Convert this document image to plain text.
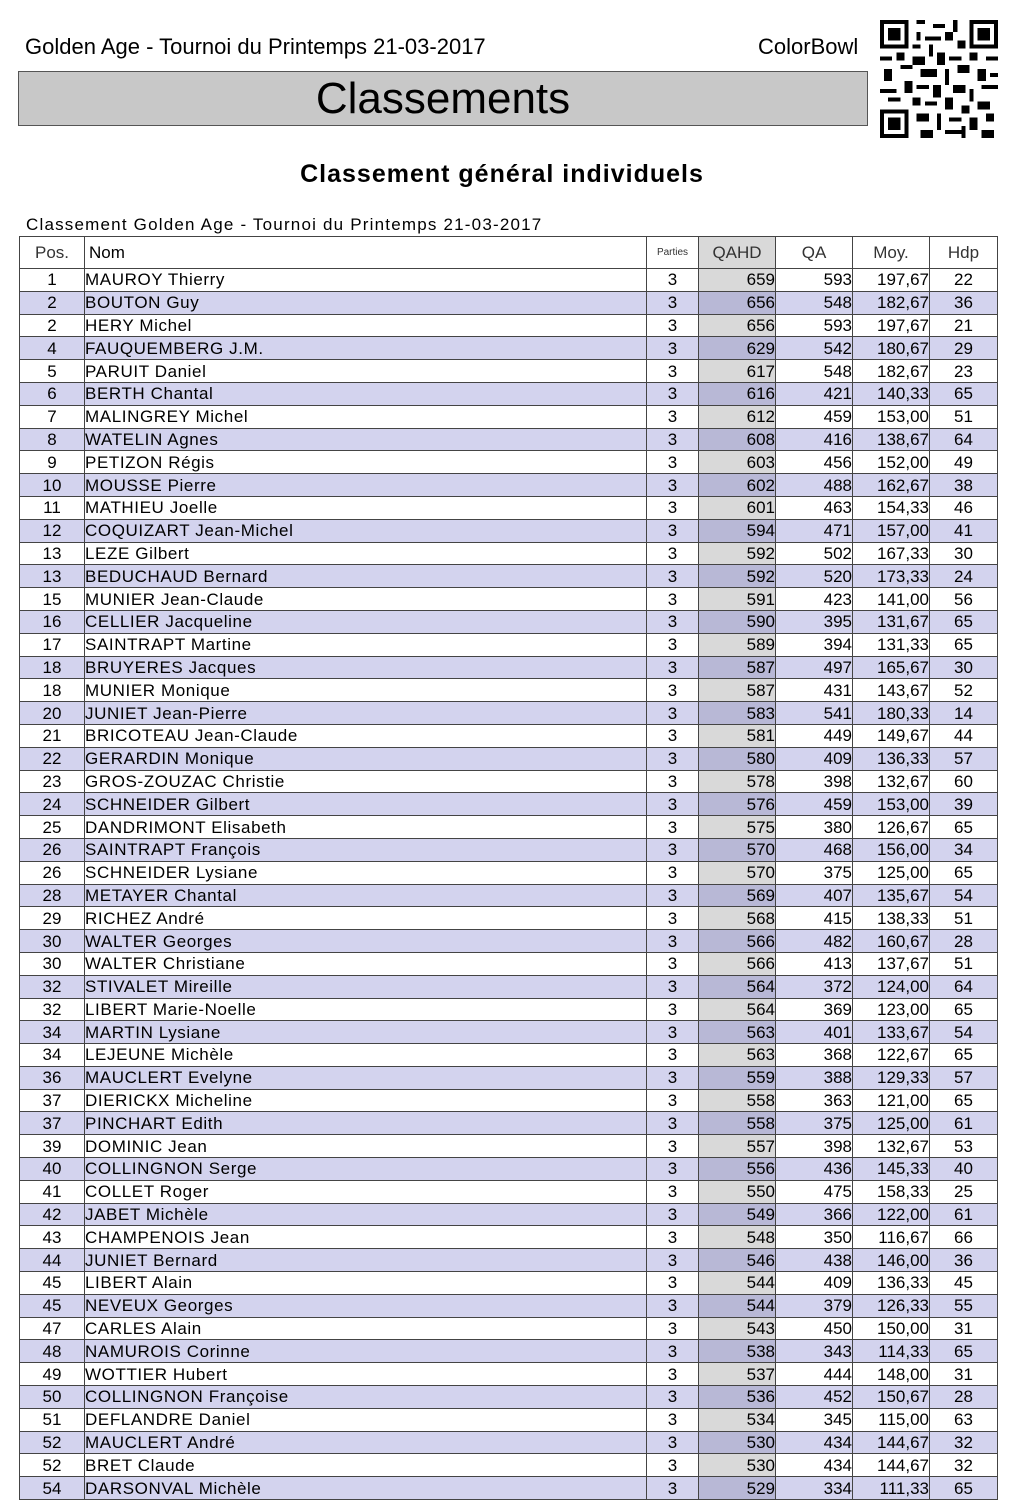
Golden Age - Tournoi du Printemps 21-03-2017	ColorBowl
Classements
Classement général individuels
Classement Golden Age - Tournoi du Printemps 21-03-2017
Pos.	Nom	Parties	QAHD	QA	Moy.	Hdp
1	MAUROY Thierry	3	659	593	197,67	22
2	BOUTON Guy	3	656	548	182,67	36
2	HERY Michel	3	656	593	197,67	21
4	FAUQUEMBERG J.M.	3	629	542	180,67	29
5	PARUIT Daniel	3	617	548	182,67	23
6	BERTH Chantal	3	616	421	140,33	65
7	MALINGREY Michel	3	612	459	153,00	51
8	WATELIN Agnes	3	608	416	138,67	64
9	PETIZON Régis	3	603	456	152,00	49
10	MOUSSE Pierre	3	602	488	162,67	38
11	MATHIEU Joelle	3	601	463	154,33	46
12	COQUIZART Jean-Michel	3	594	471	157,00	41
13	LEZE Gilbert	3	592	502	167,33	30
13	BEDUCHAUD Bernard	3	592	520	173,33	24
15	MUNIER Jean-Claude	3	591	423	141,00	56
16	CELLIER Jacqueline	3	590	395	131,67	65
17	SAINTRAPT Martine	3	589	394	131,33	65
18	BRUYERES Jacques	3	587	497	165,67	30
18	MUNIER Monique	3	587	431	143,67	52
20	JUNIET Jean-Pierre	3	583	541	180,33	14
21	BRICOTEAU Jean-Claude	3	581	449	149,67	44
22	GERARDIN Monique	3	580	409	136,33	57
23	GROS-ZOUZAC Christie	3	578	398	132,67	60
24	SCHNEIDER Gilbert	3	576	459	153,00	39
25	DANDRIMONT Elisabeth	3	575	380	126,67	65
26	SAINTRAPT François	3	570	468	156,00	34
26	SCHNEIDER Lysiane	3	570	375	125,00	65
28	METAYER Chantal	3	569	407	135,67	54
29	RICHEZ André	3	568	415	138,33	51
30	WALTER Georges	3	566	482	160,67	28
30	WALTER Christiane	3	566	413	137,67	51
32	STIVALET Mireille	3	564	372	124,00	64
32	LIBERT Marie-Noelle	3	564	369	123,00	65
34	MARTIN Lysiane	3	563	401	133,67	54
34	LEJEUNE Michèle	3	563	368	122,67	65
36	MAUCLERT Evelyne	3	559	388	129,33	57
37	DIERICKX Micheline	3	558	363	121,00	65
37	PINCHART Edith	3	558	375	125,00	61
39	DOMINIC Jean	3	557	398	132,67	53
40	COLLINGNON Serge	3	556	436	145,33	40
41	COLLET Roger	3	550	475	158,33	25
42	JABET Michèle	3	549	366	122,00	61
43	CHAMPENOIS Jean	3	548	350	116,67	66
44	JUNIET Bernard	3	546	438	146,00	36
45	LIBERT Alain	3	544	409	136,33	45
45	NEVEUX Georges	3	544	379	126,33	55
47	CARLES Alain	3	543	450	150,00	31
48	NAMUROIS Corinne	3	538	343	114,33	65
49	WOTTIER Hubert	3	537	444	148,00	31
50	COLLINGNON Françoise	3	536	452	150,67	28
51	DEFLANDRE Daniel	3	534	345	115,00	63
52	MAUCLERT André	3	530	434	144,67	32
52	BRET Claude	3	530	434	144,67	32
54	DARSONVAL Michèle	3	529	334	111,33	65
